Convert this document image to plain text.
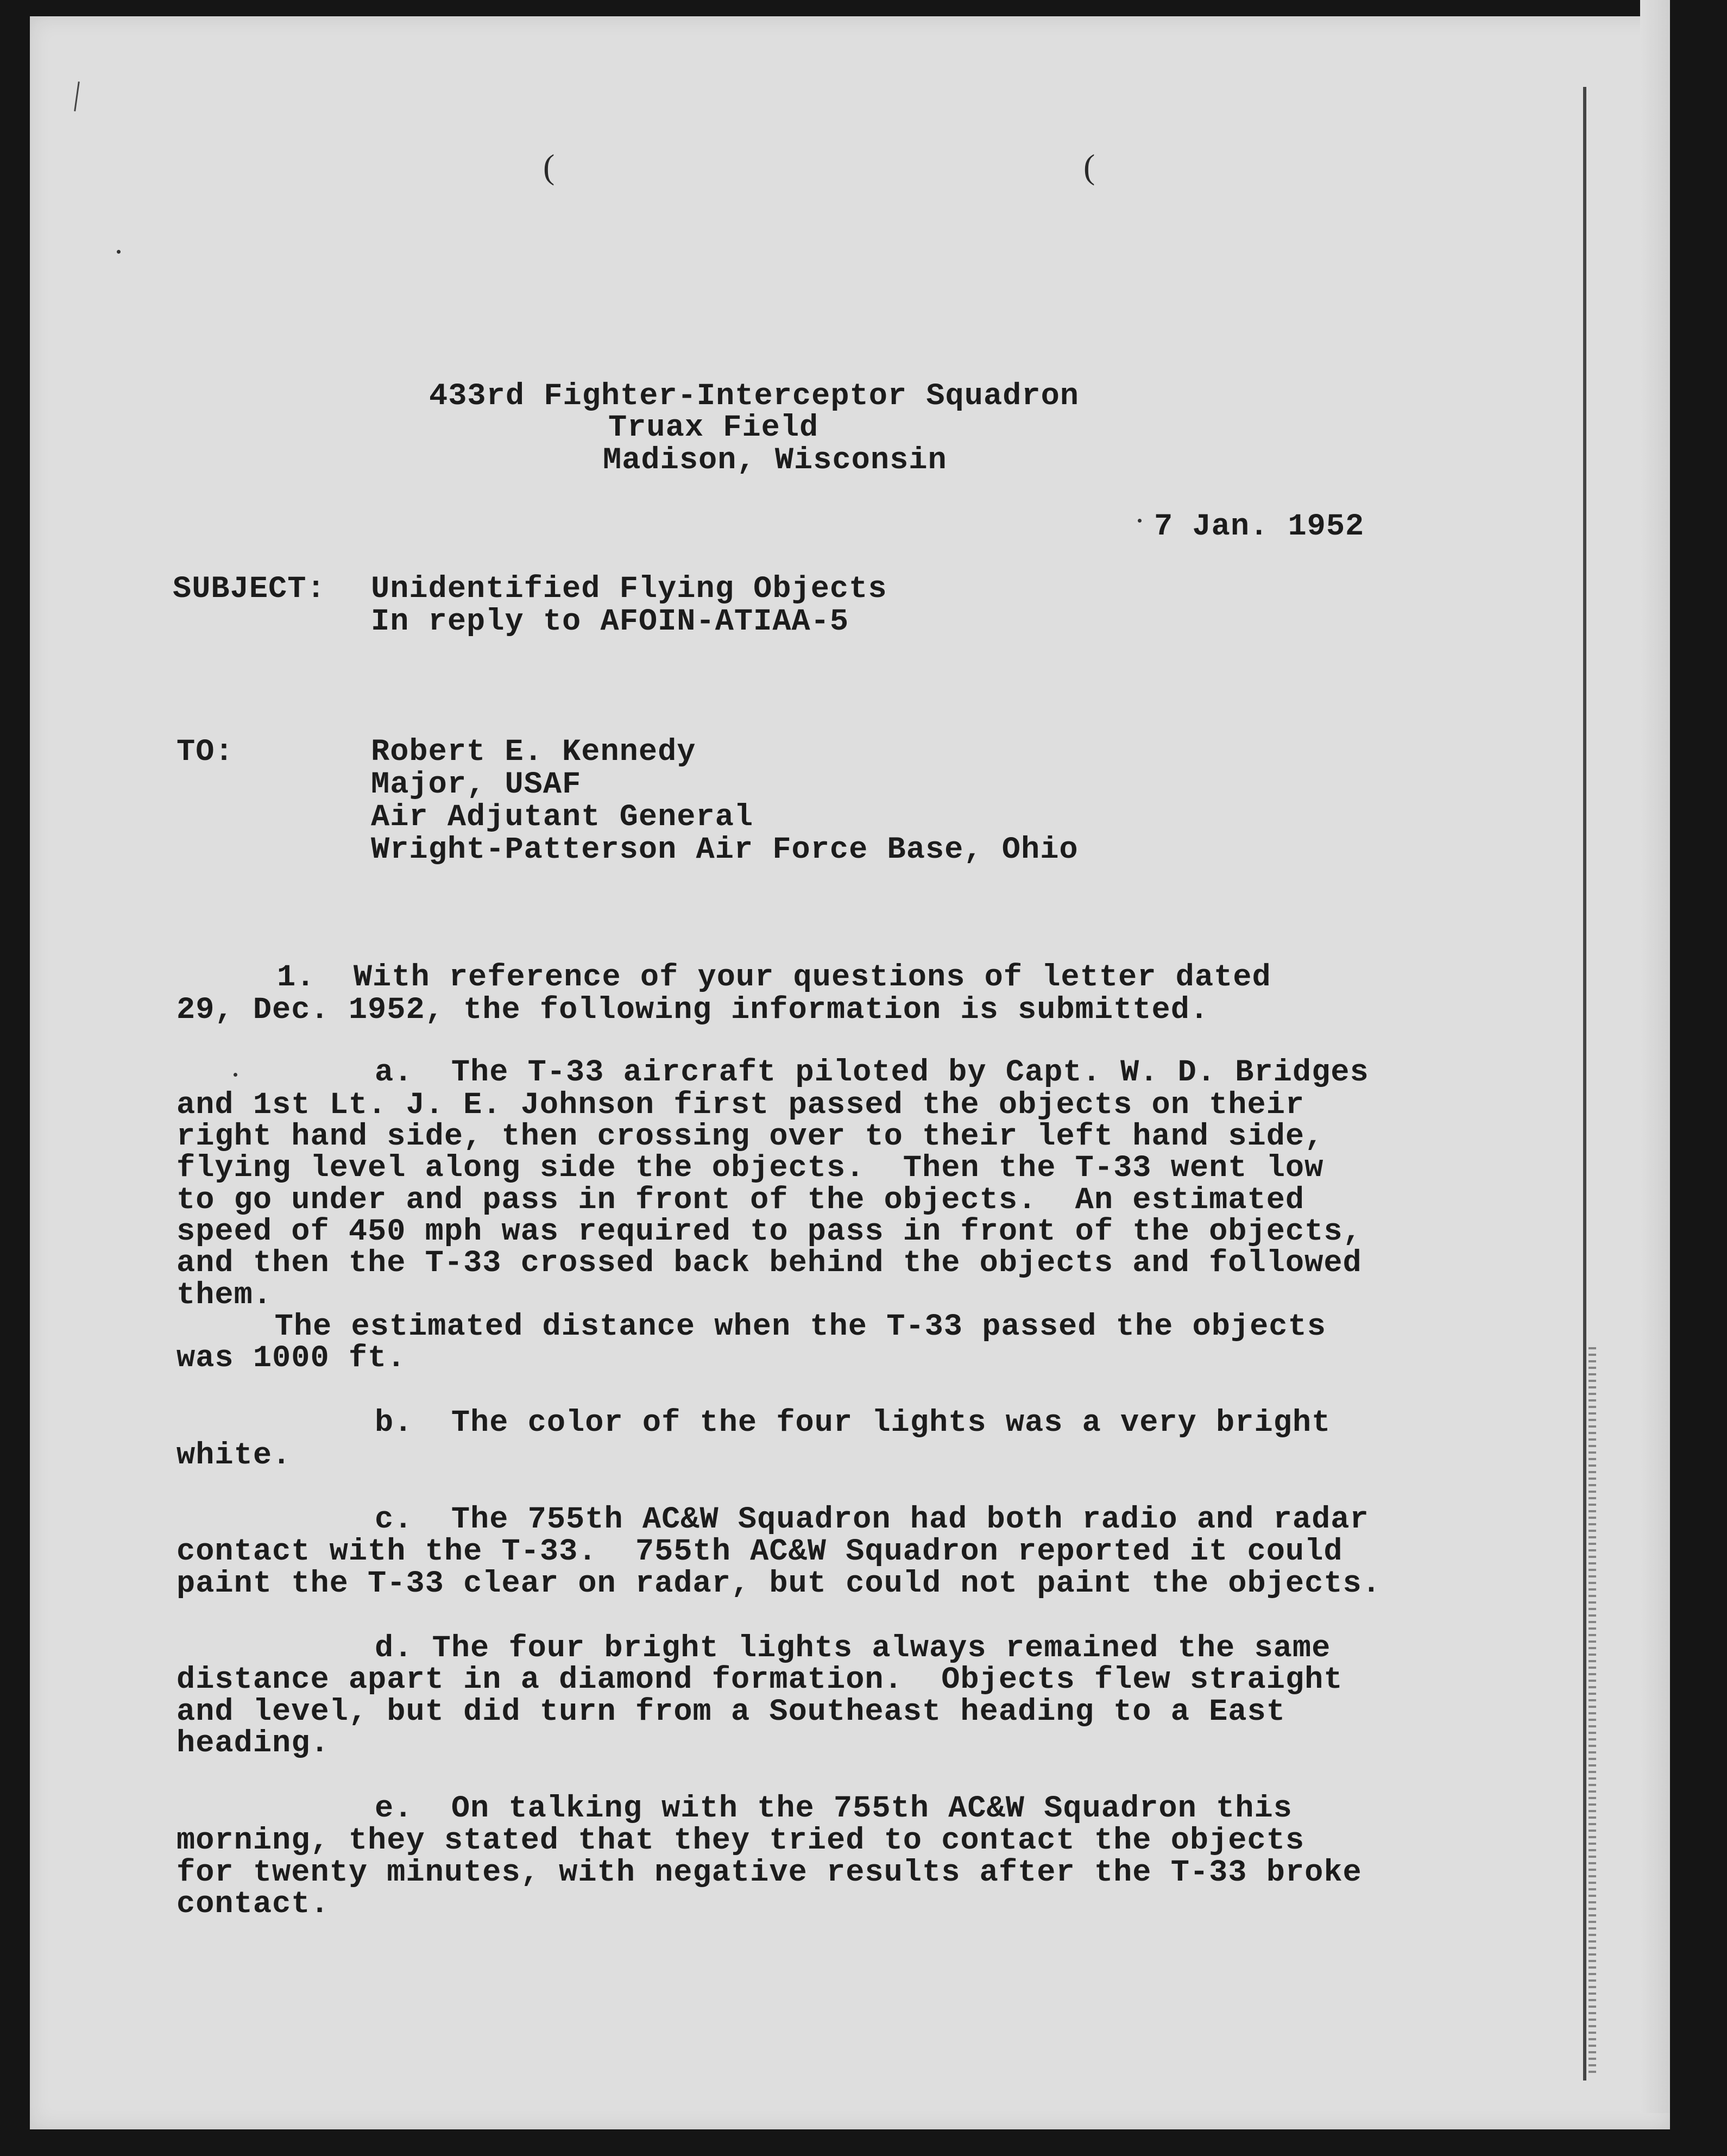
(	(

433rd Fighter-Interceptor Squadron

Truax Field

Madison, Wisconsin

7 Jan. 1952

SUBJECT:

Unidentified Flying Objects

In reply to AFOIN-ATIAA-5

TO:

	Robert E. Kennedy

Major, USAF

Air Adjutant General

Wright-Patterson Air Force Base, Ohio

1.  With reference of your questions of letter dated

29, Dec. 1952, the following information is submitted.

a.  The T-33 aircraft piloted by Capt. W. D. Bridges

and 1st Lt. J. E. Johnson first passed the objects on their

right hand side, then crossing over to their left hand side,

flying level along side the objects.  Then the T-33 went low

to go under and pass in front of the objects.  An estimated

speed of 450 mph was required to pass in front of the objects,

and then the T-33 crossed back behind the objects and followed

them.

The estimated distance when the T-33 passed the objects

was 1000 ft.

b.  The color of the four lights was a very bright

white.

c.  The 755th AC&W Squadron had both radio and radar

contact with the T-33.  755th AC&W Squadron reported it could

paint the T-33 clear on radar, but could not paint the objects.

d. The four bright lights always remained the same

distance apart in a diamond formation.  Objects flew straight

and level, but did turn from a Southeast heading to a East

heading.

e.  On talking with the 755th AC&W Squadron this

morning, they stated that they tried to contact the objects

for twenty minutes, with negative results after the T-33 broke

contact.
